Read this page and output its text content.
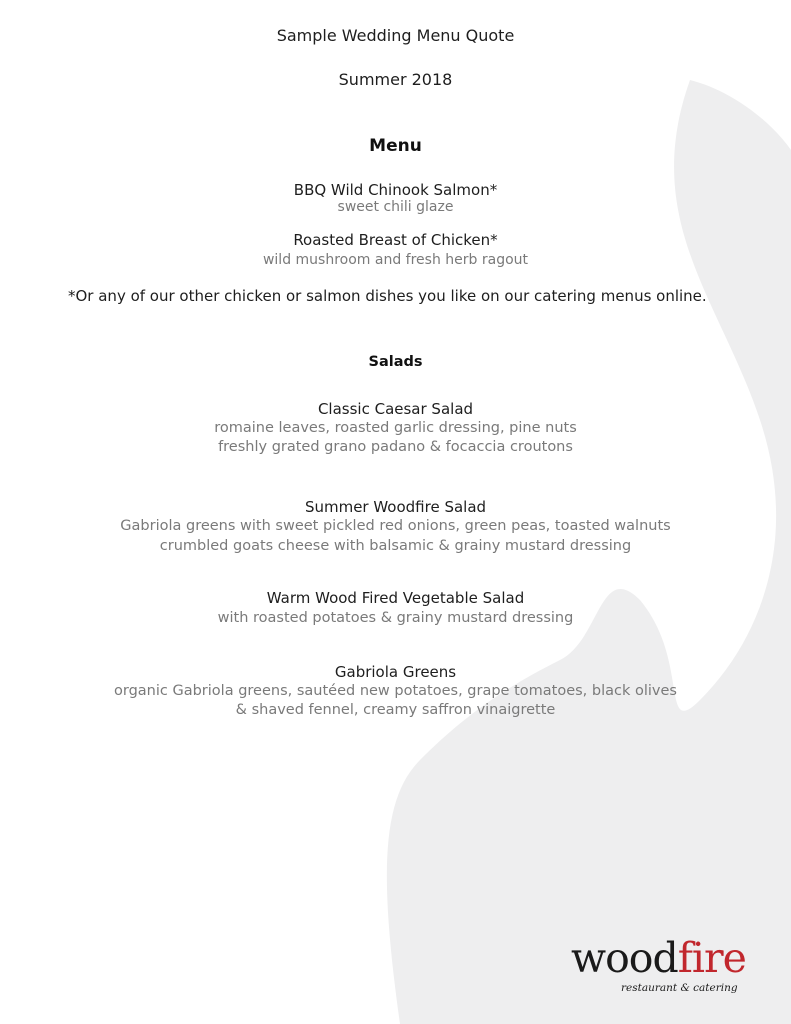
Sample Wedding Menu Quote
Summer 2018
Menu
BBQ Wild Chinook Salmon*
sweet chili glaze
Roasted Breast of Chicken*
wild mushroom and fresh herb ragout
*Or any of our other chicken or salmon dishes you like on our catering menus online.
Salads
Classic Caesar Salad
romaine leaves, roasted garlic dressing, pine nuts
freshly grated grano padano & focaccia croutons
Summer Woodfire Salad
Gabriola greens with sweet pickled red onions, green peas, toasted walnuts
crumbled goats cheese with balsamic & grainy mustard dressing
Warm Wood Fired Vegetable Salad
with roasted potatoes & grainy mustard dressing
Gabriola Greens
organic Gabriola greens, sautéed new potatoes, grape tomatoes, black olives
& shaved fennel, creamy saffron vinaigrette
woodfire
restaurant & catering
